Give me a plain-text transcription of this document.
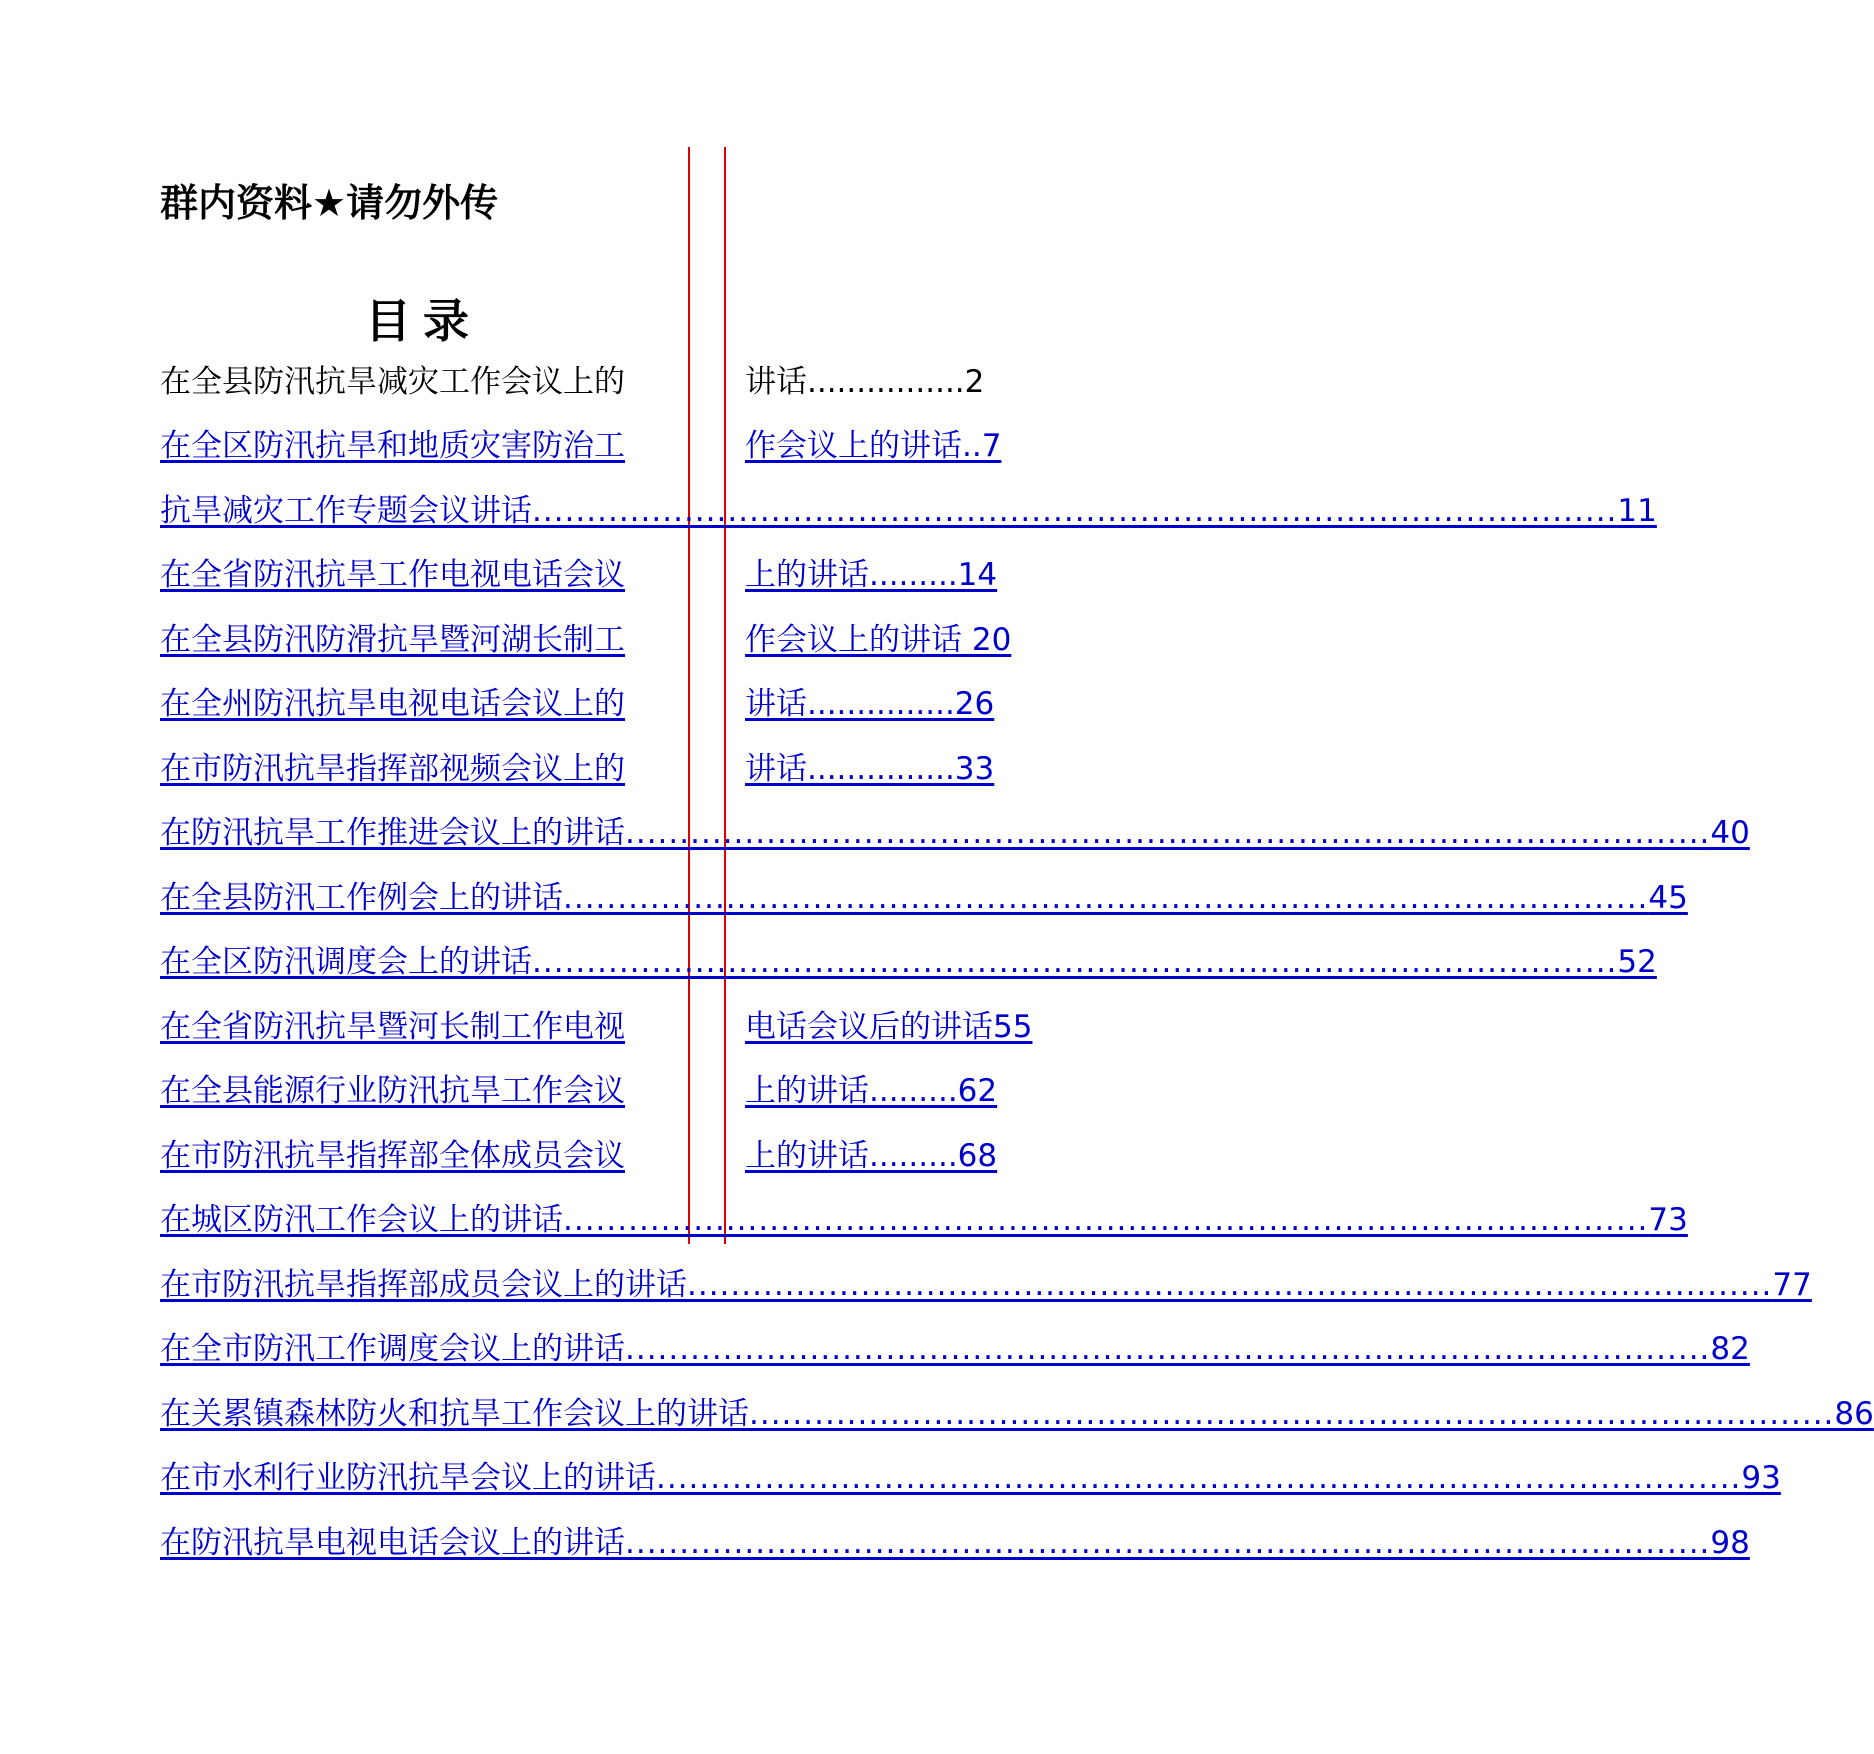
群内资料★请勿外传
目录
在全县防汛抗旱减灾工作会议上的	讲话................2
在全区防汛抗旱和地质灾害防治工	作会议上的讲话..7
抗旱减灾工作专题会议讲话 .................................................................................................... 11
在全省防汛抗旱工作电视电话会议	上的讲话.........14
在全县防汛防滑抗旱暨河湖长制工	作会议上的讲话 20
在全州防汛抗旱电视电话会议上的	讲话...............26
在市防汛抗旱指挥部视频会议上的	讲话...............33
在防汛抗旱工作推进会议上的讲话 .................................................................................................... 40
在全县防汛工作例会上的讲话 .................................................................................................... 45
在全区防汛调度会上的讲话 .................................................................................................... 52
在全省防汛抗旱暨河长制工作电视	电话会议后的讲话55
在全县能源行业防汛抗旱工作会议	上的讲话.........62
在市防汛抗旱指挥部全体成员会议	上的讲话.........68
在城区防汛工作会议上的讲话 .................................................................................................... 73
在市防汛抗旱指挥部成员会议上的讲话 .................................................................................................... 77
在全市防汛工作调度会议上的讲话 .................................................................................................... 82
在关累镇森林防火和抗旱工作会议上的讲话 .................................................................................................... 86
在市水利行业防汛抗旱会议上的讲话 .................................................................................................... 93
在防汛抗旱电视电话会议上的讲话 .................................................................................................... 98
